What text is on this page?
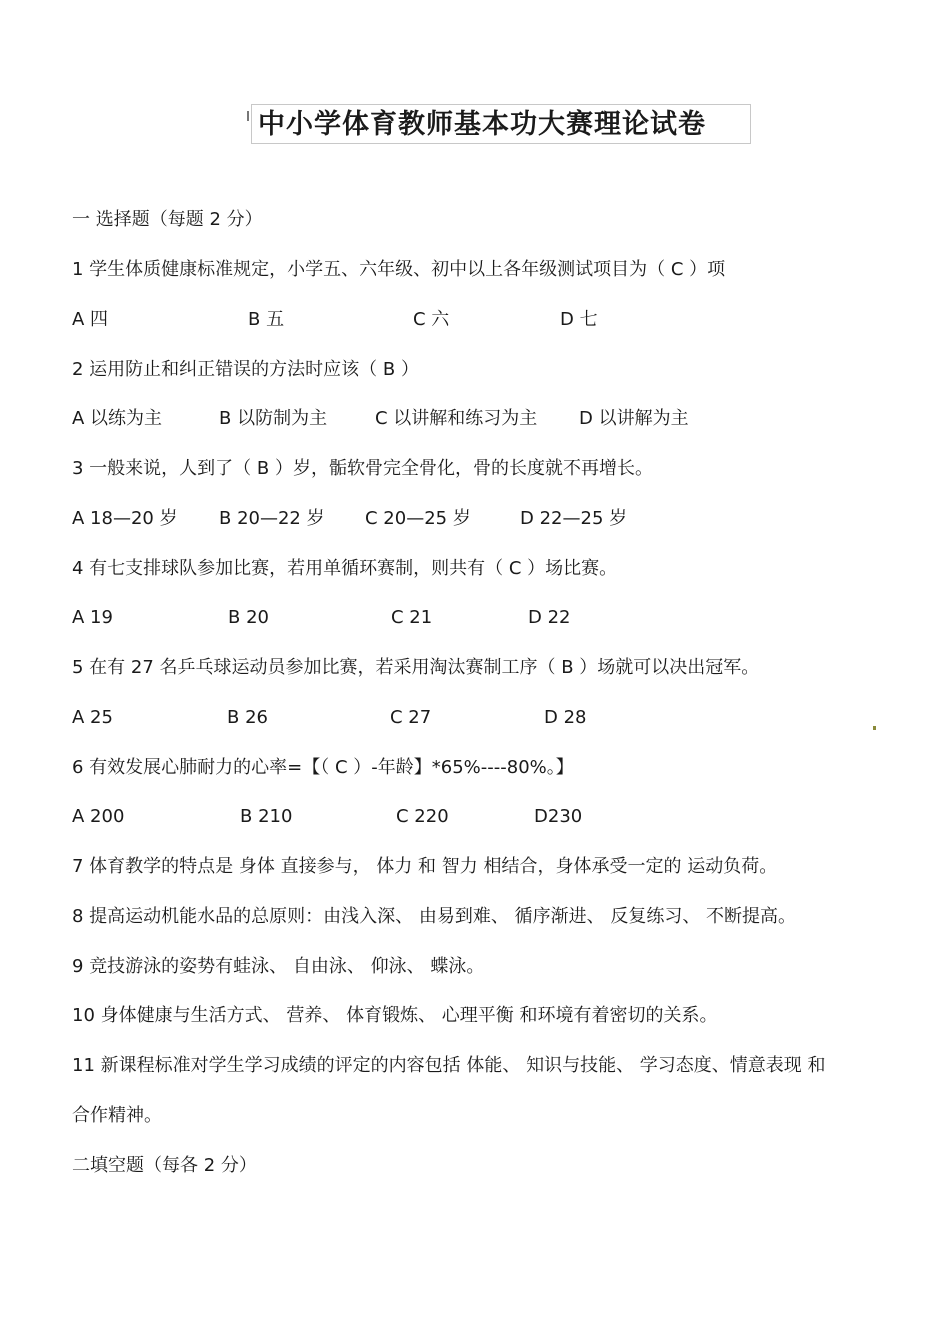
中小学体育教师基本功大赛理论试卷
一 选择题（每题 2 分）
1 学生体质健康标准规定，小学五、六年级、初中以上各年级测试项目为（ C ）项
A 四	B 五	C 六	D 七
2 运用防止和纠正错误的方法时应该（ B ）
A 以练为主	B 以防制为主	C 以讲解和练习为主 D 以讲解为主
3 一般来说，人到了（ B ）岁，骺软骨完全骨化，骨的长度就不再增长。
A 18—20 岁 B 20—22 岁 C 20—25 岁	D 22—25 岁
4 有七支排球队参加比赛，若用单循环赛制，则共有（ C ）场比赛。
A 19	B 20	C 21	D 22
5 在有 27 名乒乓球运动员参加比赛，若采用淘汰赛制工序（ B ）场就可以决出冠军。
A 25	B 26	C 27	D 28
6 有效发展心肺耐力的心率=【（ C ）-年龄】*65%----80%。】
A 200	B 210	C 220	D230
7 体育教学的特点是 身体 直接参与， 体力 和 智力 相结合，身体承受一定的 运动负荷。
8 提高运动机能水品的总原则：由浅入深、 由易到难、 循序渐进、 反复练习、 不断提高。
9 竞技游泳的姿势有蛙泳、 自由泳、 仰泳、 蝶泳。
10 身体健康与生活方式、 营养、 体育锻炼、 心理平衡 和环境有着密切的关系。
11 新课程标准对学生学习成绩的评定的内容包括 体能、 知识与技能、 学习态度、情意表现 和
合作精神。
二填空题（每各 2 分）
